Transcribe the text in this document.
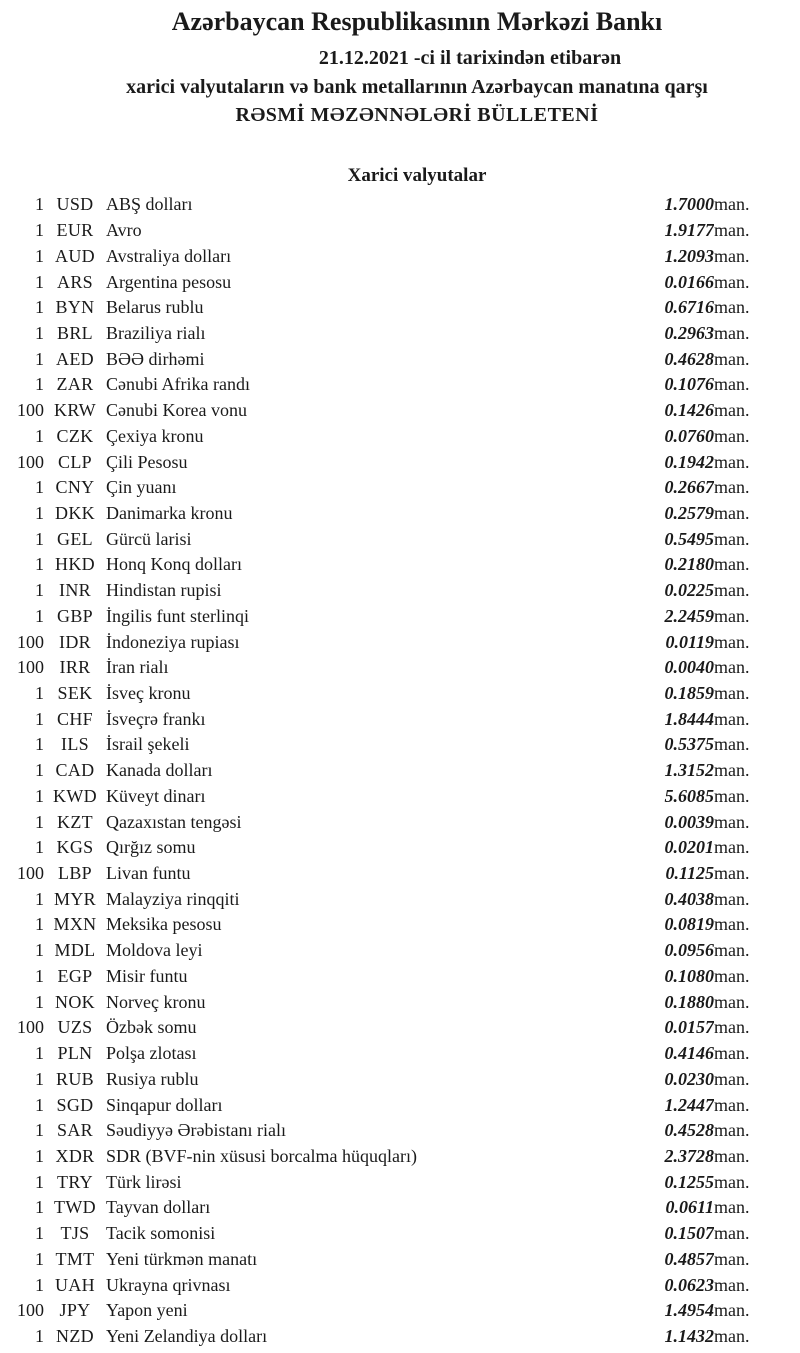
Azərbaycan Respublikasının Mərkəzi Bankı
21.12.2021 -ci il tarixindən etibarən
xarici valyutaların və bank metallarının Azərbaycan manatına qarşı
RƏSMİ MƏZƏNNƏLƏRİ BÜLLETENİ
Xarici valyutalar
1	USD	ABŞ dolları	1.7000	man.
1	EUR	Avro	1.9177	man.
1	AUD	Avstraliya dolları	1.2093	man.
1	ARS	Argentina pesosu	0.0166	man.
1	BYN	Belarus rublu	0.6716	man.
1	BRL	Braziliya rialı	0.2963	man.
1	AED	BƏƏ dirhəmi	0.4628	man.
1	ZAR	Cənubi Afrika randı	0.1076	man.
100	KRW	Cənubi Korea vonu	0.1426	man.
1	CZK	Çexiya kronu	0.0760	man.
100	CLP	Çili Pesosu	0.1942	man.
1	CNY	Çin yuanı	0.2667	man.
1	DKK	Danimarka kronu	0.2579	man.
1	GEL	Gürcü larisi	0.5495	man.
1	HKD	Honq Konq dolları	0.2180	man.
1	INR	Hindistan rupisi	0.0225	man.
1	GBP	İngilis funt sterlinqi	2.2459	man.
100	IDR	İndoneziya rupiası	0.0119	man.
100	IRR	İran rialı	0.0040	man.
1	SEK	İsveç kronu	0.1859	man.
1	CHF	İsveçrə frankı	1.8444	man.
1	ILS	İsrail şekeli	0.5375	man.
1	CAD	Kanada dolları	1.3152	man.
1	KWD	Küveyt dinarı	5.6085	man.
1	KZT	Qazaxıstan tengəsi	0.0039	man.
1	KGS	Qırğız somu	0.0201	man.
100	LBP	Livan funtu	0.1125	man.
1	MYR	Malayziya rinqqiti	0.4038	man.
1	MXN	Meksika pesosu	0.0819	man.
1	MDL	Moldova leyi	0.0956	man.
1	EGP	Misir funtu	0.1080	man.
1	NOK	Norveç kronu	0.1880	man.
100	UZS	Özbək somu	0.0157	man.
1	PLN	Polşa zlotası	0.4146	man.
1	RUB	Rusiya rublu	0.0230	man.
1	SGD	Sinqapur dolları	1.2447	man.
1	SAR	Səudiyyə Ərəbistanı rialı	0.4528	man.
1	XDR	SDR (BVF-nin xüsusi borcalma hüquqları)	2.3728	man.
1	TRY	Türk lirəsi	0.1255	man.
1	TWD	Tayvan dolları	0.0611	man.
1	TJS	Tacik somonisi	0.1507	man.
1	TMT	Yeni türkmən manatı	0.4857	man.
1	UAH	Ukrayna qrivnası	0.0623	man.
100	JPY	Yapon yeni	1.4954	man.
1	NZD	Yeni Zelandiya dolları	1.1432	man.
